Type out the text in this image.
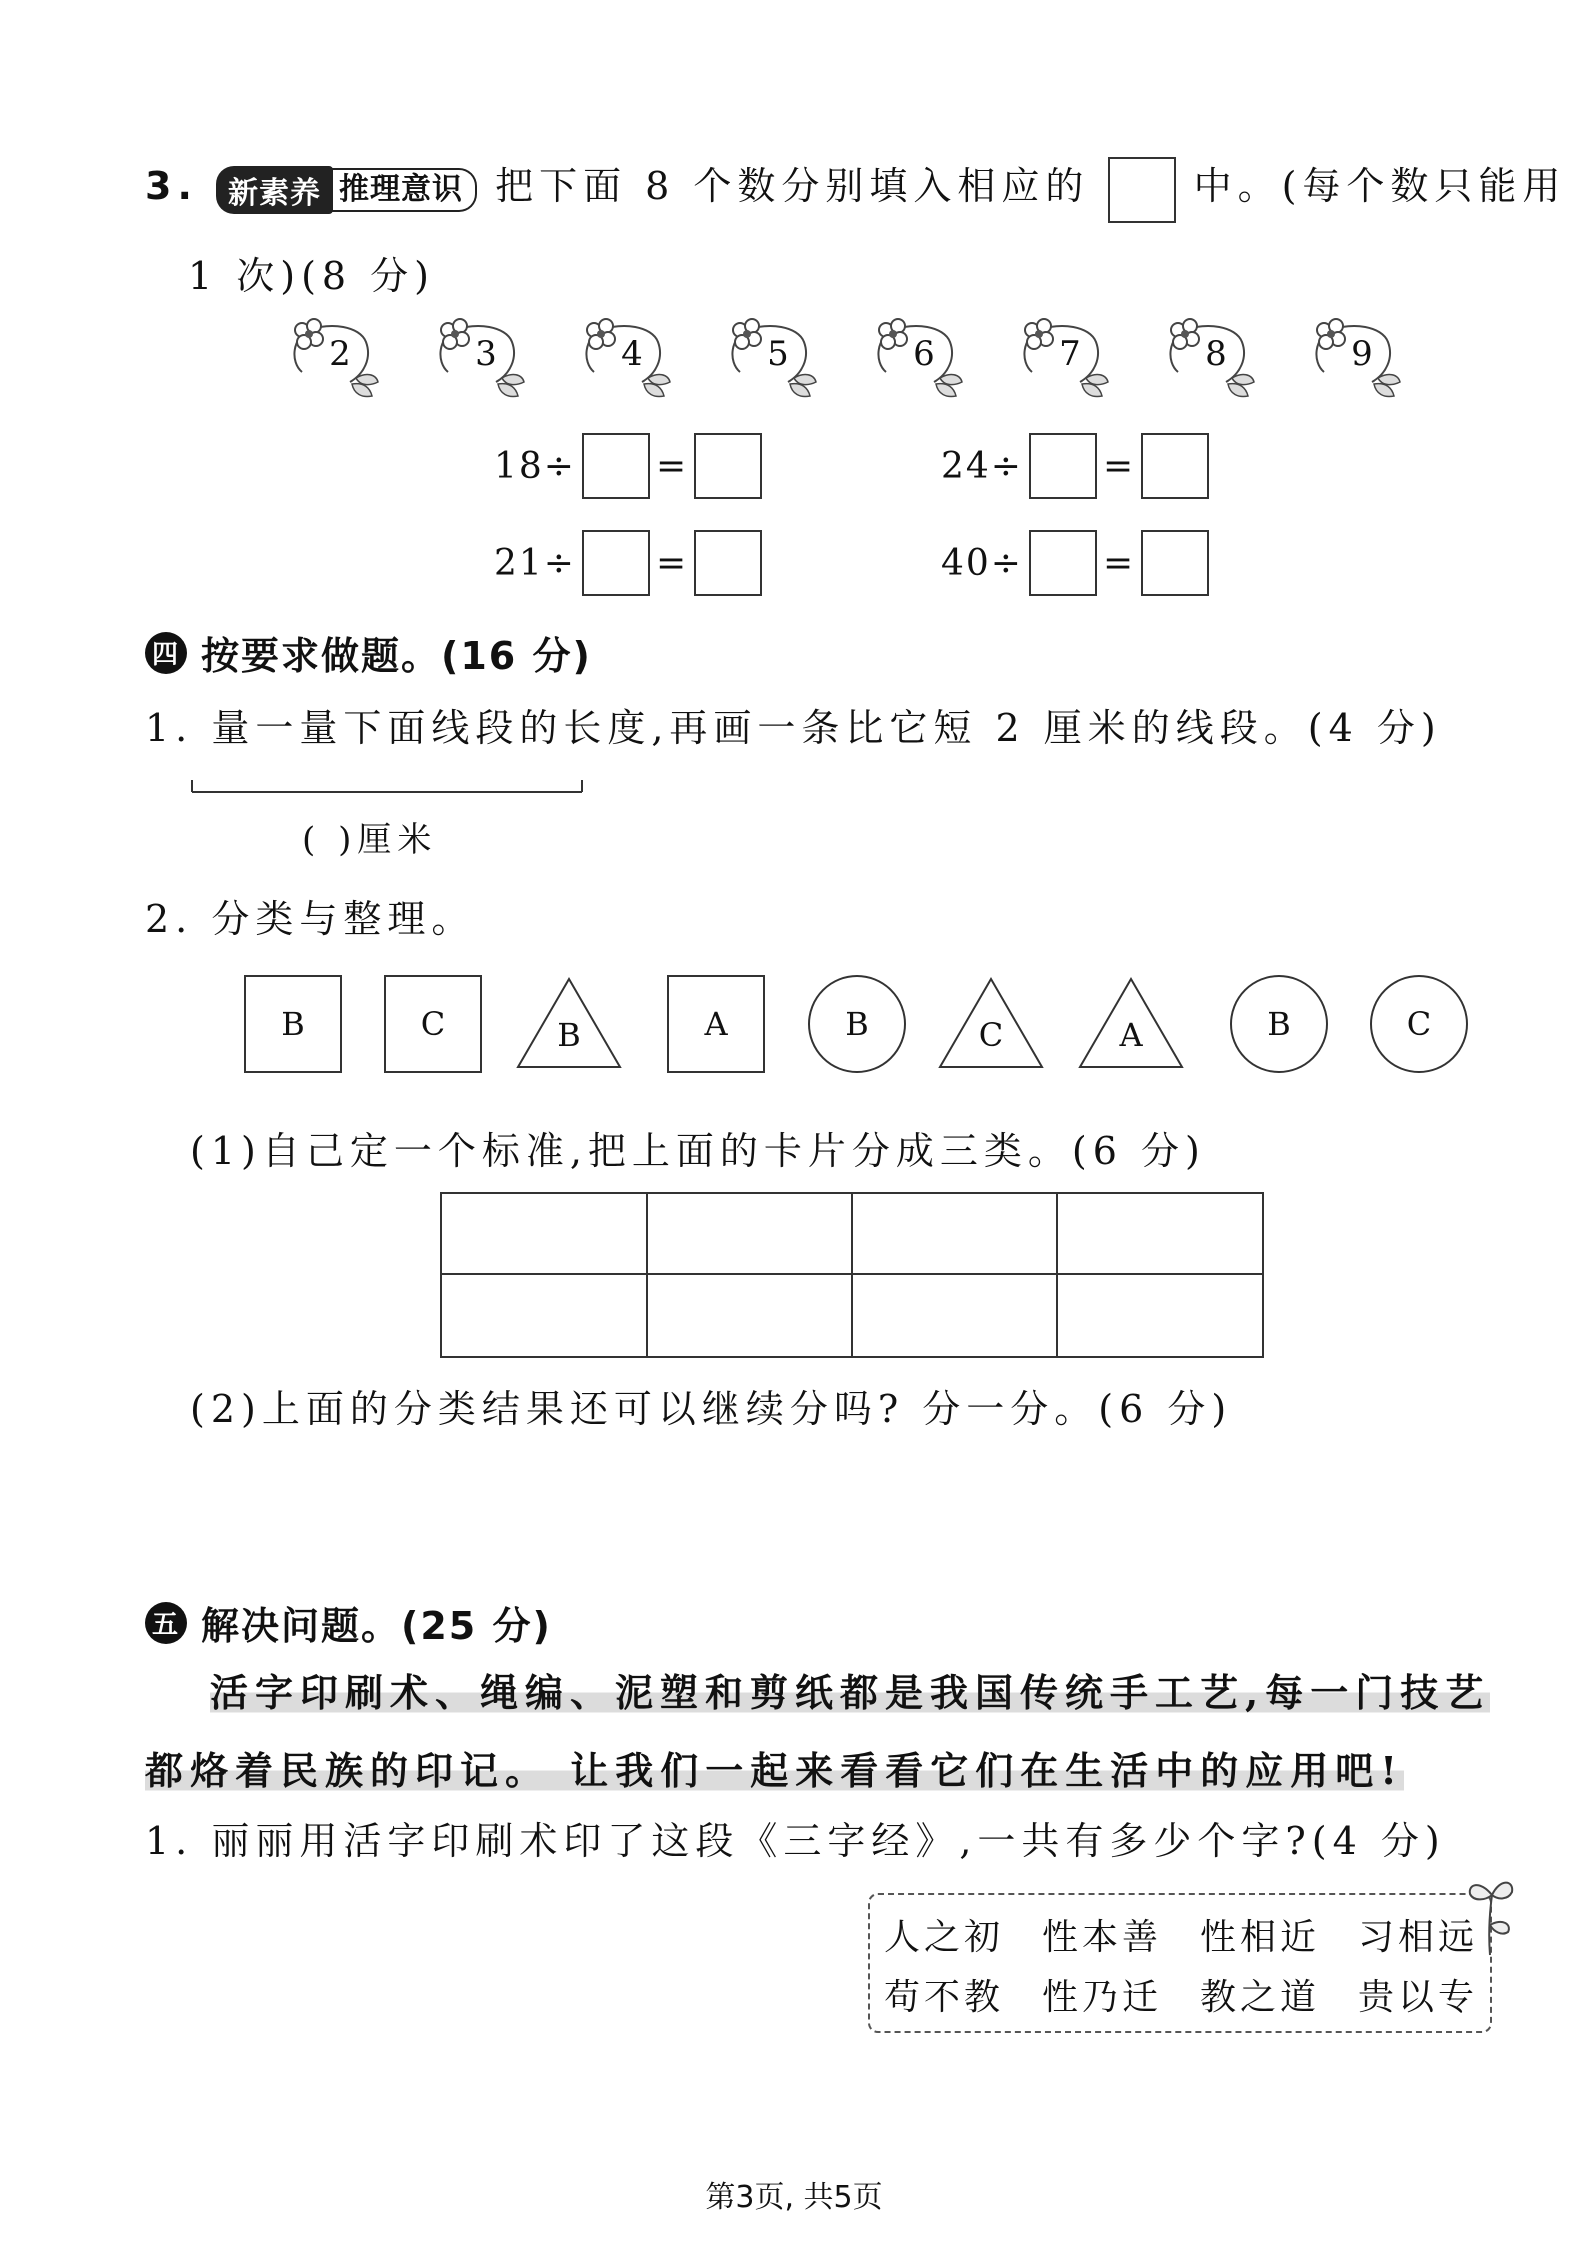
3. 新素养 推理意识 把下面 8 个数分别填入相应的	中。(每个数只能用
1 次)(8 分)
2	3	4	5	6	7	8	9
18÷ =	24÷ =
21÷ =	40÷ =
四 按要求做题。(16 分)
1. 量一量下面线段的长度,再画一条比它短 2 厘米的线段。(4 分)
( )厘米
2. 分类与整理。
B	C	B	A	B	C	A	B	C
(1)自己定一个标准,把上面的卡片分成三类。(6 分)
(2)上面的分类结果还可以继续分吗? 分一分。(6 分)
五 解决问题。(25 分)
活字印刷术、绳编、泥塑和剪纸都是我国传统手工艺,每一门技艺
都烙着民族的印记。 让我们一起来看看它们在生活中的应用吧!
1. 丽丽用活字印刷术印了这段《三字经》,一共有多少个字?(4 分)
人之初	性本善	性相近	习相远
苟不教	性乃迁	教之道	贵以专
第3页, 共5页
